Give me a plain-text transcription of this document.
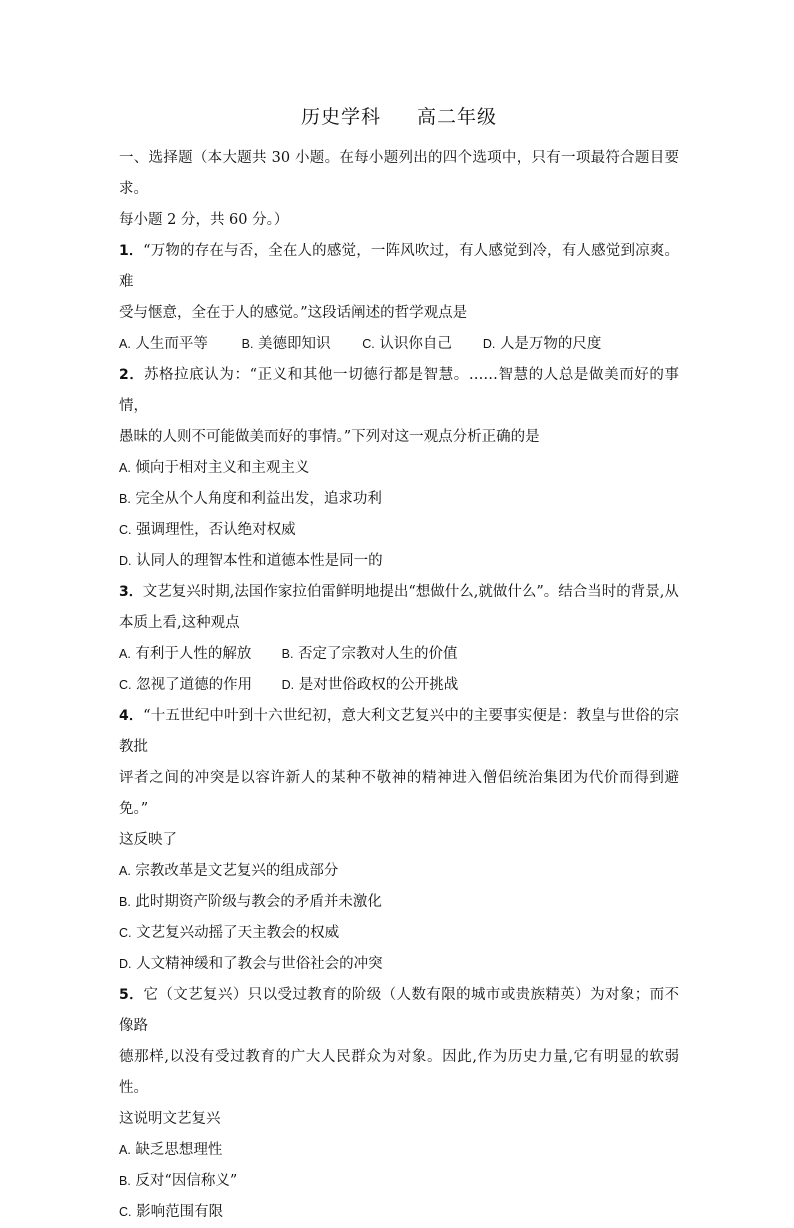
历史学科 高二年级

一、选择题（本大题共 30 小题。在每小题列出的四个选项中，只有一项最符合题目要求。

每小题 2 分，共 60 分。）

1．“万物的存在与否，全在人的感觉，一阵风吹过，有人感觉到冷，有人感觉到凉爽。难

受与惬意，全在于人的感觉。”这段话阐述的哲学观点是

A. 人生而平等	B. 美德即知识	C. 认识你自己 D. 人是万物的尺度

2．苏格拉底认为：“正义和其他一切德行都是智慧。……智慧的人总是做美而好的事情，

愚昧的人则不可能做美而好的事情。”下列对这一观点分析正确的是

A. 倾向于相对主义和主观主义
B. 完全从个人角度和利益出发，追求功利
C. 强调理性，否认绝对权威
D. 认同人的理智本性和道德本性是同一的

3．文艺复兴时期,法国作家拉伯雷鲜明地提出“想做什么,就做什么”。结合当时的背景,从

本质上看,这种观点

A. 有利于人性的解放 B. 否定了宗教对人生的价值
C. 忽视了道德的作用 D. 是对世俗政权的公开挑战

4．“十五世纪中叶到十六世纪初，意大利文艺复兴中的主要事实便是：教皇与世俗的宗教批

评者之间的冲突是以容许新人的某种不敬神的精神进入僧侣统治集团为代价而得到避免。”

这反映了

A. 宗教改革是文艺复兴的组成部分
B. 此时期资产阶级与教会的矛盾并未激化
C. 文艺复兴动摇了天主教会的权威
D. 人文精神缓和了教会与世俗社会的冲突

5．它（文艺复兴）只以受过教育的阶级（人数有限的城市或贵族精英）为对象；而不像路

德那样,以没有受过教育的广大人民群众为对象。因此,作为历史力量,它有明显的软弱性。

这说明文艺复兴

A. 缺乏思想理性
B. 反对“因信称义”
C. 影响范围有限
